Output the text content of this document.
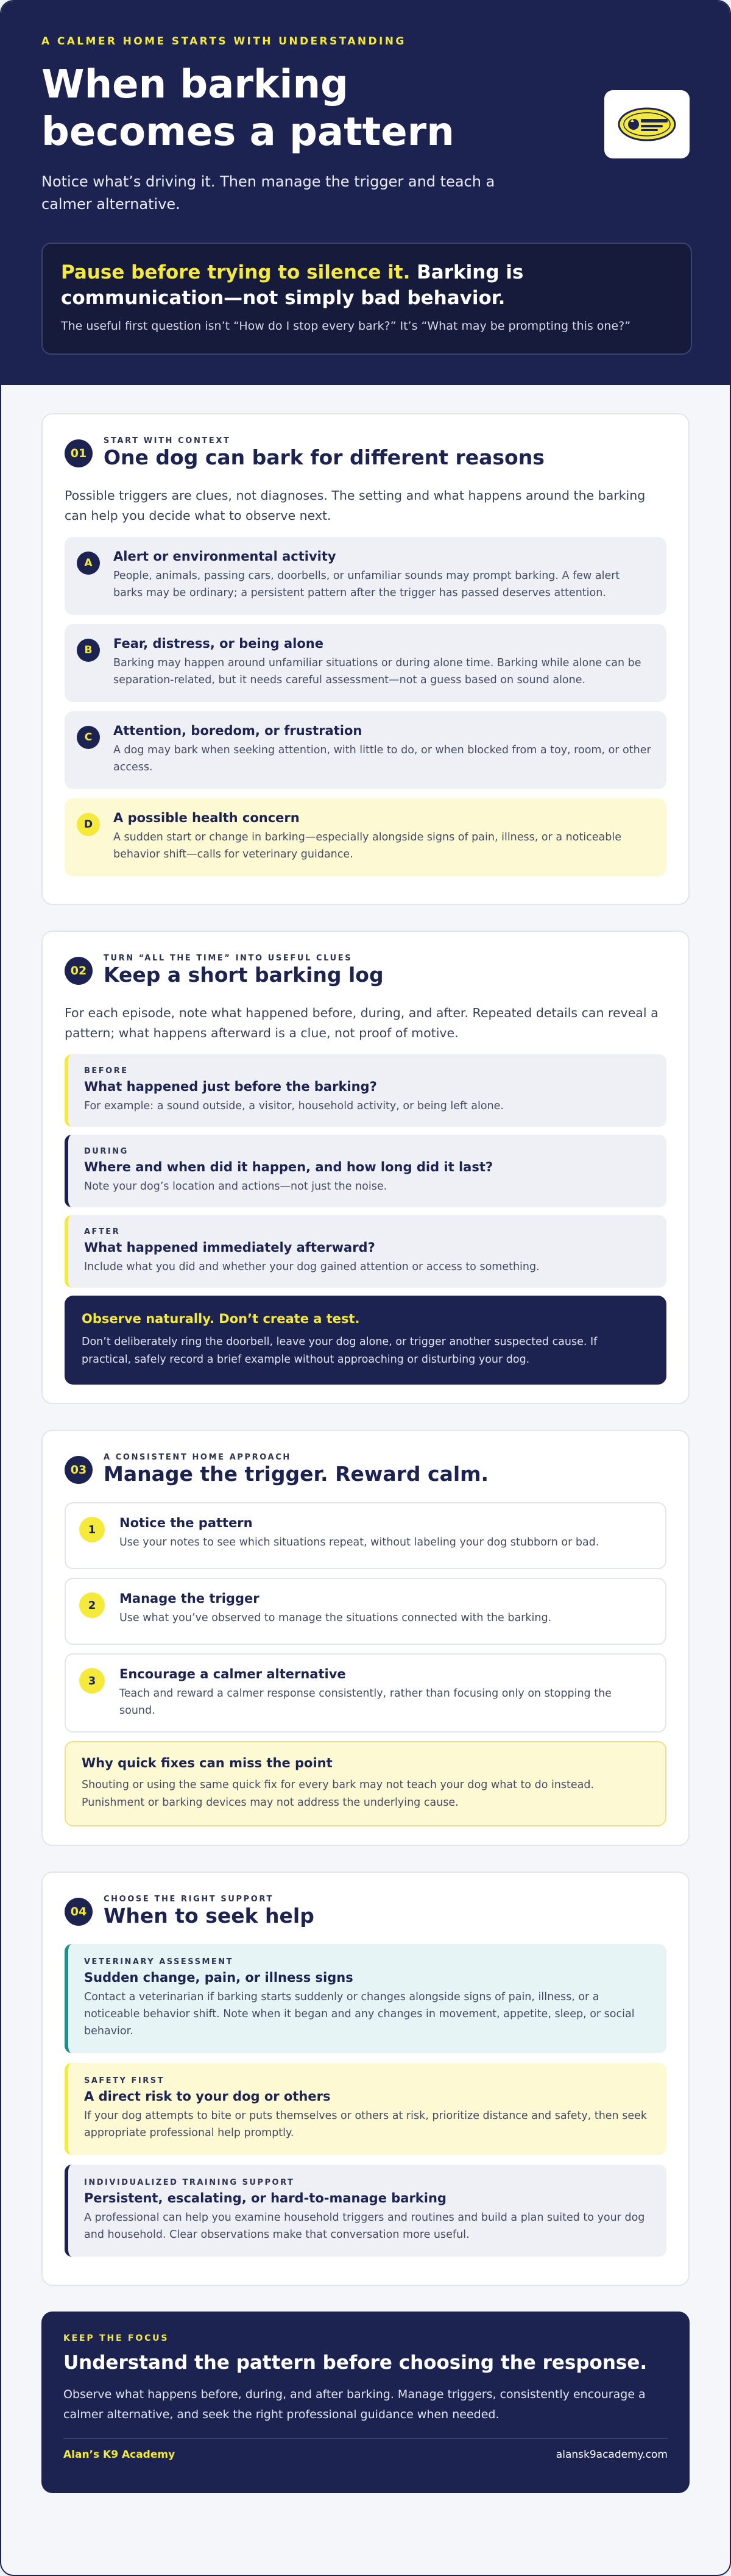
A CALMER HOME STARTS WITH UNDERSTANDING
When barking becomes a pattern

Notice what’s driving it. Then manage the trigger and teach a calmer alternative.

Pause before trying to silence it. Barking is communication—not simply bad behavior.
The useful first question isn’t “How do I stop every bark?” It’s “What may be prompting this one?”
01
START WITH CONTEXT
One dog can bark for different reasons

Possible triggers are clues, not diagnoses. The setting and what happens around the barking can help you decide what to observe next.

A	Alert or environmental activity
People, animals, passing cars, doorbells, or unfamiliar sounds may prompt barking. A few alert barks may be ordinary; a persistent pattern after the trigger has passed deserves attention.
B	Fear, distress, or being alone
Barking may happen around unfamiliar situations or during alone time. Barking while alone can be separation-related, but it needs careful assessment—not a guess based on sound alone.
C	Attention, boredom, or frustration
A dog may bark when seeking attention, with little to do, or when blocked from a toy, room, or other access.
D	A possible health concern
A sudden start or change in barking—especially alongside signs of pain, illness, or a noticeable behavior shift—calls for veterinary guidance.
02
TURN “ALL THE TIME” INTO USEFUL CLUES
Keep a short barking log

For each episode, note what happened before, during, and after. Repeated details can reveal a pattern; what happens afterward is a clue, not proof of motive.

BEFORE
What happened just before the barking?
For example: a sound outside, a visitor, household activity, or being left alone.
DURING
Where and when did it happen, and how long did it last?
Note your dog’s location and actions—not just the noise.
AFTER
What happened immediately afterward?
Include what you did and whether your dog gained attention or access to something.
Observe naturally. Don’t create a test.
Don’t deliberately ring the doorbell, leave your dog alone, or trigger another suspected cause. If practical, safely record a brief example without approaching or disturbing your dog.
03
A CONSISTENT HOME APPROACH
Manage the trigger. Reward calm.
1	Notice the pattern
Use your notes to see which situations repeat, without labeling your dog stubborn or bad.
2	Manage the trigger
Use what you’ve observed to manage the situations connected with the barking.
3	Encourage a calmer alternative
Teach and reward a calmer response consistently, rather than focusing only on stopping the sound.
Why quick fixes can miss the point
Shouting or using the same quick fix for every bark may not teach your dog what to do instead. Punishment or barking devices may not address the underlying cause.
04
CHOOSE THE RIGHT SUPPORT
When to seek help
VETERINARY ASSESSMENT
Sudden change, pain, or illness signs
Contact a veterinarian if barking starts suddenly or changes alongside signs of pain, illness, or a noticeable behavior shift. Note when it began and any changes in movement, appetite, sleep, or social behavior.
SAFETY FIRST
A direct risk to your dog or others
If your dog attempts to bite or puts themselves or others at risk, prioritize distance and safety, then seek appropriate professional help promptly.
INDIVIDUALIZED TRAINING SUPPORT
Persistent, escalating, or hard-to-manage barking
A professional can help you examine household triggers and routines and build a plan suited to your dog and household. Clear observations make that conversation more useful.
KEEP THE FOCUS
Understand the pattern before choosing the response.
Observe what happens before, during, and after barking. Manage triggers, consistently encourage a calmer alternative, and seek the right professional guidance when needed.
Alan’s K9 Academy	alansk9academy.com
